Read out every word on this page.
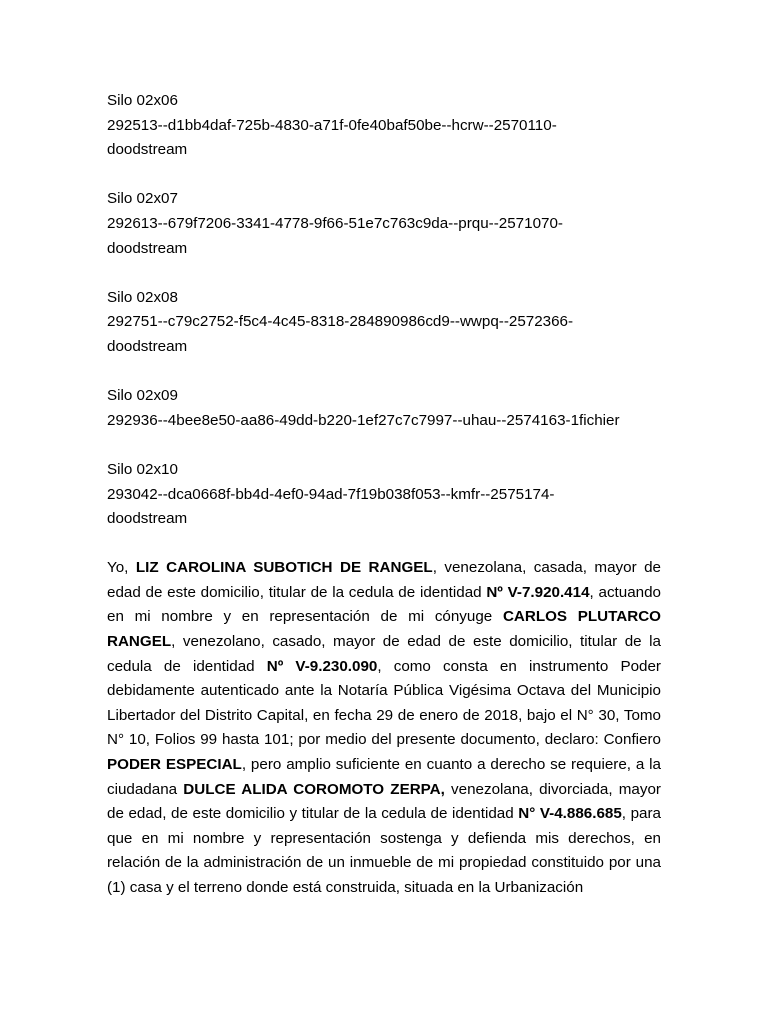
Silo 02x06
292513--d1bb4daf-725b-4830-a71f-0fe40baf50be--hcrw--2570110-
doodstream
Silo 02x07
292613--679f7206-3341-4778-9f66-51e7c763c9da--prqu--2571070-
doodstream
Silo 02x08
292751--c79c2752-f5c4-4c45-8318-284890986cd9--wwpq--2572366-
doodstream
Silo 02x09
292936--4bee8e50-aa86-49dd-b220-1ef27c7c7997--uhau--2574163-1fichier
Silo 02x10
293042--dca0668f-bb4d-4ef0-94ad-7f19b038f053--kmfr--2575174-
doodstream

Yo, LIZ CAROLINA SUBOTICH DE RANGEL, venezolana, casada, mayor de edad de este domicilio, titular de la cedula de identidad Nº V-7.920.414, actuando en mi nombre y en representación de mi cónyuge CARLOS PLUTARCO RANGEL, venezolano, casado, mayor de edad de este domicilio, titular de la cedula de identidad Nº V-9.230.090, como consta en instrumento Poder debidamente autenticado ante la Notaría Pública Vigésima Octava del Municipio Libertador del Distrito Capital, en fecha 29 de enero de 2018, bajo el N° 30, Tomo N° 10, Folios 99 hasta 101; por medio del presente documento, declaro: Confiero PODER ESPECIAL, pero amplio suficiente en cuanto a derecho se requiere, a la ciudadana DULCE ALIDA COROMOTO ZERPA, venezolana, divorciada, mayor de edad, de este domicilio y titular de la cedula de identidad N° V-4.886.685, para que en mi nombre y representación sostenga y defienda mis derechos, en relación de la administración de un inmueble de mi propiedad constituido por una (1) casa y el terreno donde está construida, situada en la Urbanización
